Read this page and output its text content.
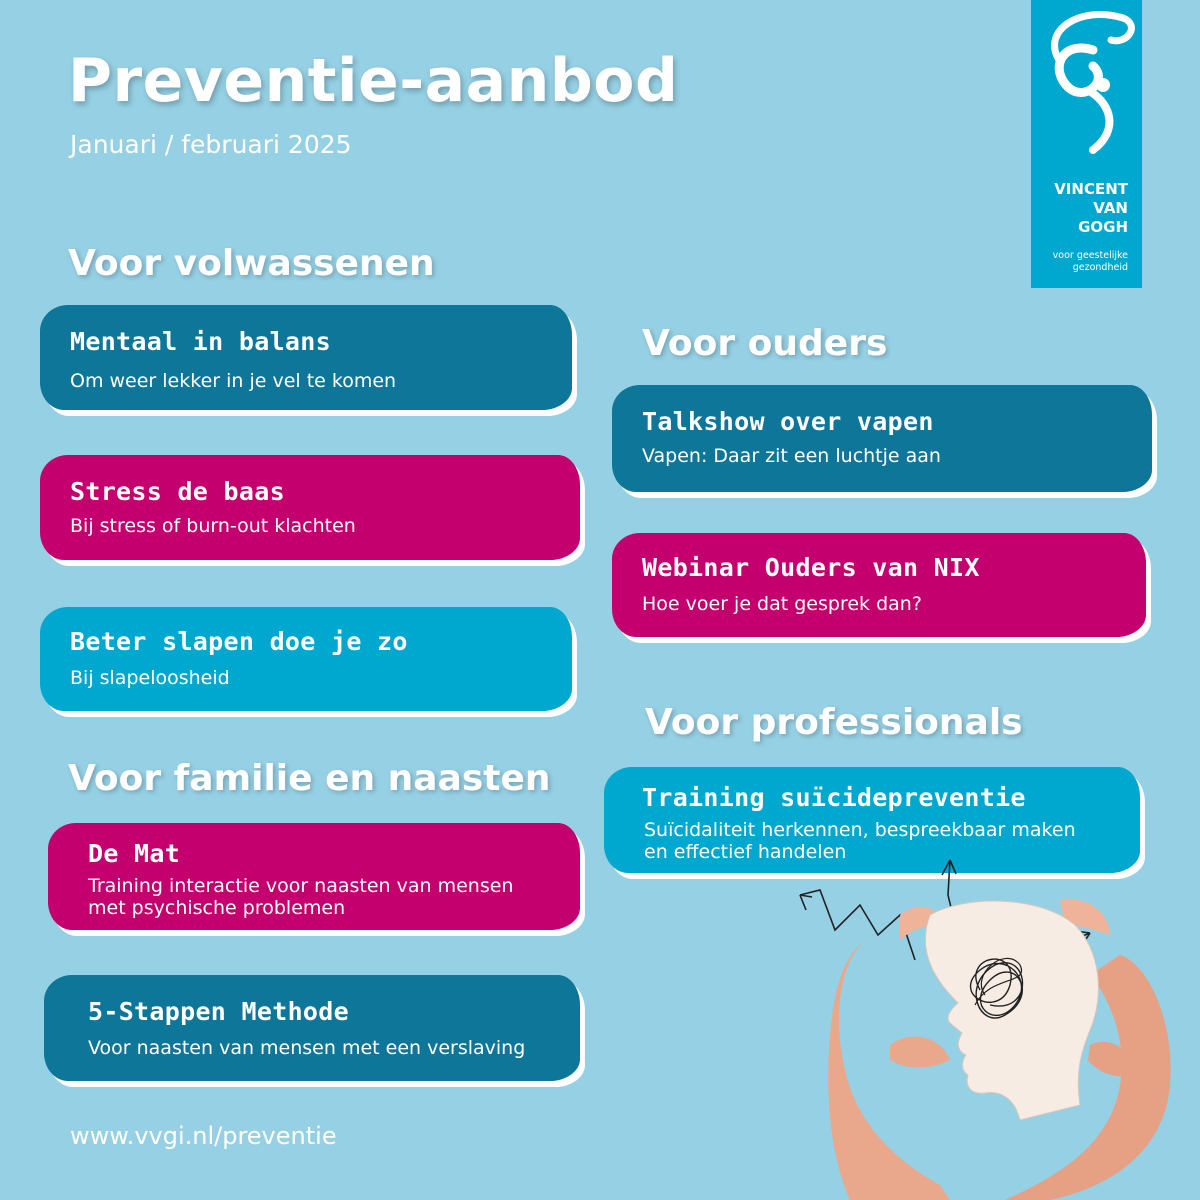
Preventie-aanbod
Januari / februari 2025
VINCENT
VAN
GOGH
voor geestelijke
gezondheid
Voor volwassenen
Mentaal in balans
Om weer lekker in je vel te komen
Stress de baas
Bij stress of burn-out klachten
Beter slapen doe je zo
Bij slapeloosheid
Voor familie en naasten
De Mat
Training interactie voor naasten van mensen
met psychische problemen
5-Stappen Methode
Voor naasten van mensen met een verslaving
Voor ouders
Talkshow over vapen
Vapen: Daar zit een luchtje aan
Webinar Ouders van NIX
Hoe voer je dat gesprek dan?
Voor professionals
Training suïcidepreventie
Suïcidaliteit herkennen, bespreekbaar maken
en effectief handelen
www.vvgi.nl/preventie
